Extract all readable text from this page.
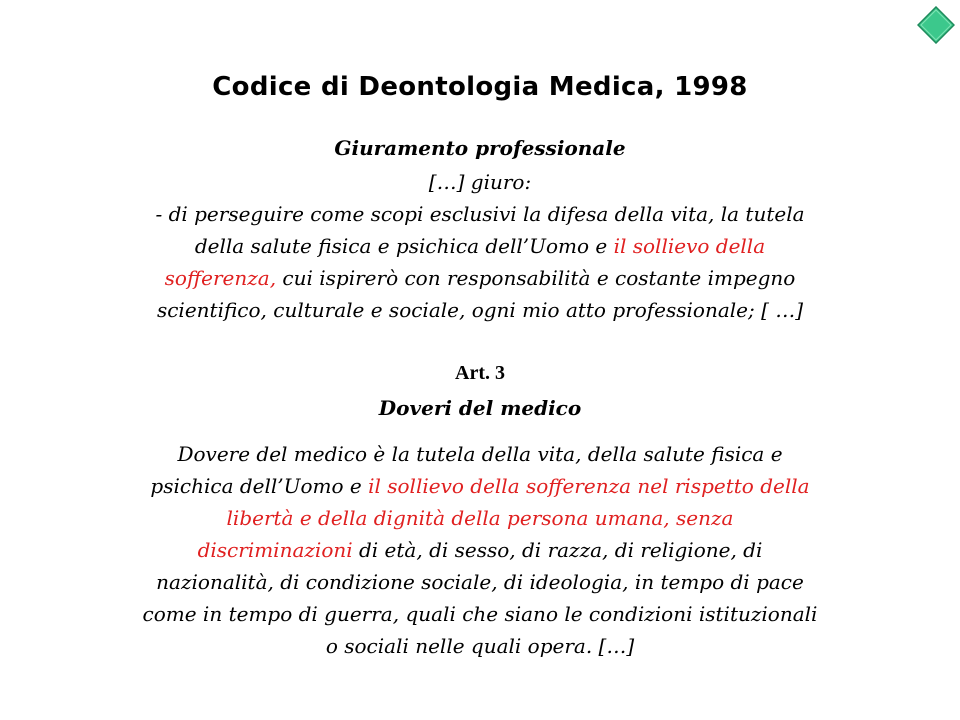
Codice di Deontologia Medica, 1998
Giuramento professionale
[…] giuro:
- di perseguire come scopi esclusivi la difesa della vita, la tutela
della salute fisica e psichica dell’Uomo e il sollievo della
sofferenza, cui ispirerò con responsabilità e costante impegno
scientifico, culturale e sociale, ogni mio atto professionale; [ …]
Art. 3
Doveri del medico
Dovere del medico è la tutela della vita, della salute fisica e
psichica dell’Uomo e il sollievo della sofferenza nel rispetto della
libertà e della dignità della persona umana, senza
discriminazioni di età, di sesso, di razza, di religione, di
nazionalità, di condizione sociale, di ideologia, in tempo di pace
come in tempo di guerra, quali che siano le condizioni istituzionali
o sociali nelle quali opera. […]
